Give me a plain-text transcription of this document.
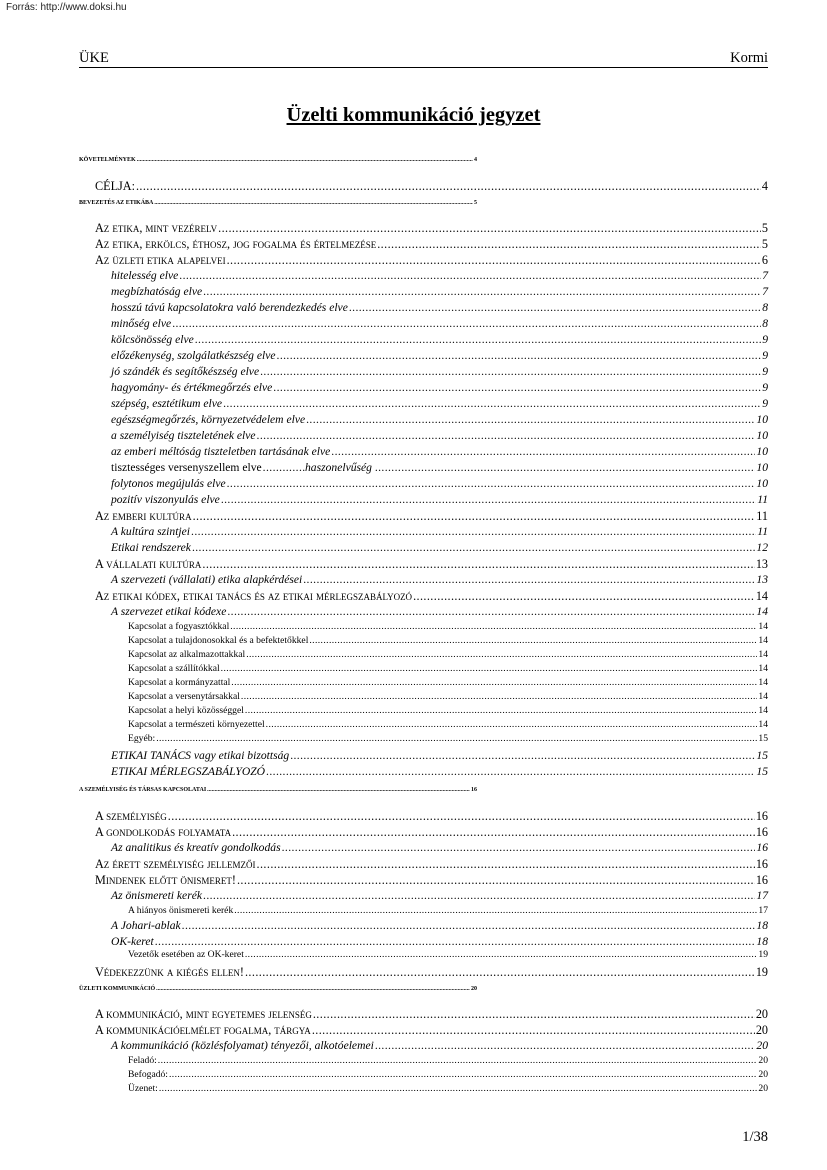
Forrás: http://www.doksi.hu
ÜKE	Kormi
Üzelti kommunikáció jegyzet
KÖVETELMÉNYEK .....	4
CÉLJA: .....	4
BEVEZETÉS AZ ETIKÁBA .....	5
Az etika, mint vezérelv .....	5
Az etika, erkölcs, éthosz, jog fogalma és értelmezése .....	5
Az üzleti etika alapelvei .....	6
hitelesség elve .....	7
megbízhatóság elve .....	7
hosszú távú kapcsolatokra való berendezkedés elve .....	8
minőség elve .....	8
kölcsönösség elve .....	9
előzékenység, szolgálatkészség elve .....	9
jó szándék és segítőkészség elve .....	9
hagyomány- és értékmegőrzés elve .....	9
szépség, esztétikum elve .....	9
egészségmegőrzés, környezetvédelem elve .....	10
a személyiség tiszteletének elve .....	10
az emberi méltóság tiszteletben tartásának elve .....	10
tisztességes versenyszellem elve .....	10
folytonos megújulás elve .....	10
pozitív viszonyulás elve .....	11
Az emberi kultúra .....	11
A kultúra szintjei .....	11
Etikai rendszerek .....	12
A vállalati kultúra .....	13
A szervezeti (vállalati) etika alapkérdései .....	13
Az etikai kódex, etikai tanács és az etikai mérlegszabályozó .....	14
A szervezet etikai kódexe .....	14
Kapcsolat a fogyasztókkal .....	14
Kapcsolat a tulajdonosokkal és a befektetőkkel .....	14
Kapcsolat az alkalmazottakkal .....	14
Kapcsolat a szállítókkal .....	14
Kapcsolat a kormányzattal .....	14
Kapcsolat a versenytársakkal .....	14
Kapcsolat a helyi közösséggel .....	14
Kapcsolat a természeti környezettel .....	14
Egyéb: .....	15
ETIKAI TANÁCS vagy etikai bizottság .....	15
ETIKAI MÉRLEGSZABÁLYOZÓ .....	15
A SZEMÉLYISÉG ÉS TÁRSAS KAPCSOLATAI .....	16
A személyiség .....	16
A gondolkodás folyamata .....	16
Az analitikus és kreatív gondolkodás .....	16
Az érett személyiség jellemzői .....	16
Mindenek előtt önismeret! .....	16
Az önismereti kerék .....	17
A hiányos önismereti kerék .....	17
A Johari-ablak .....	18
OK-keret .....	18
Vezetők esetében az OK-keret .....	19
Védekezzünk a kiégés ellen! .....	19
ÜZLETI KOMMUNIKÁCIÓ .....	20
A kommunikáció, mint egyetemes jelenség .....	20
A kommunikációelmélet fogalma, tárgya .....	20
A kommunikáció (közlésfolyamat) tényezői, alkotóelemei .....	20
Feladó: .....	20
Befogadó: .....	20
Üzenet: .....	20
haszonelvűség
1/38
